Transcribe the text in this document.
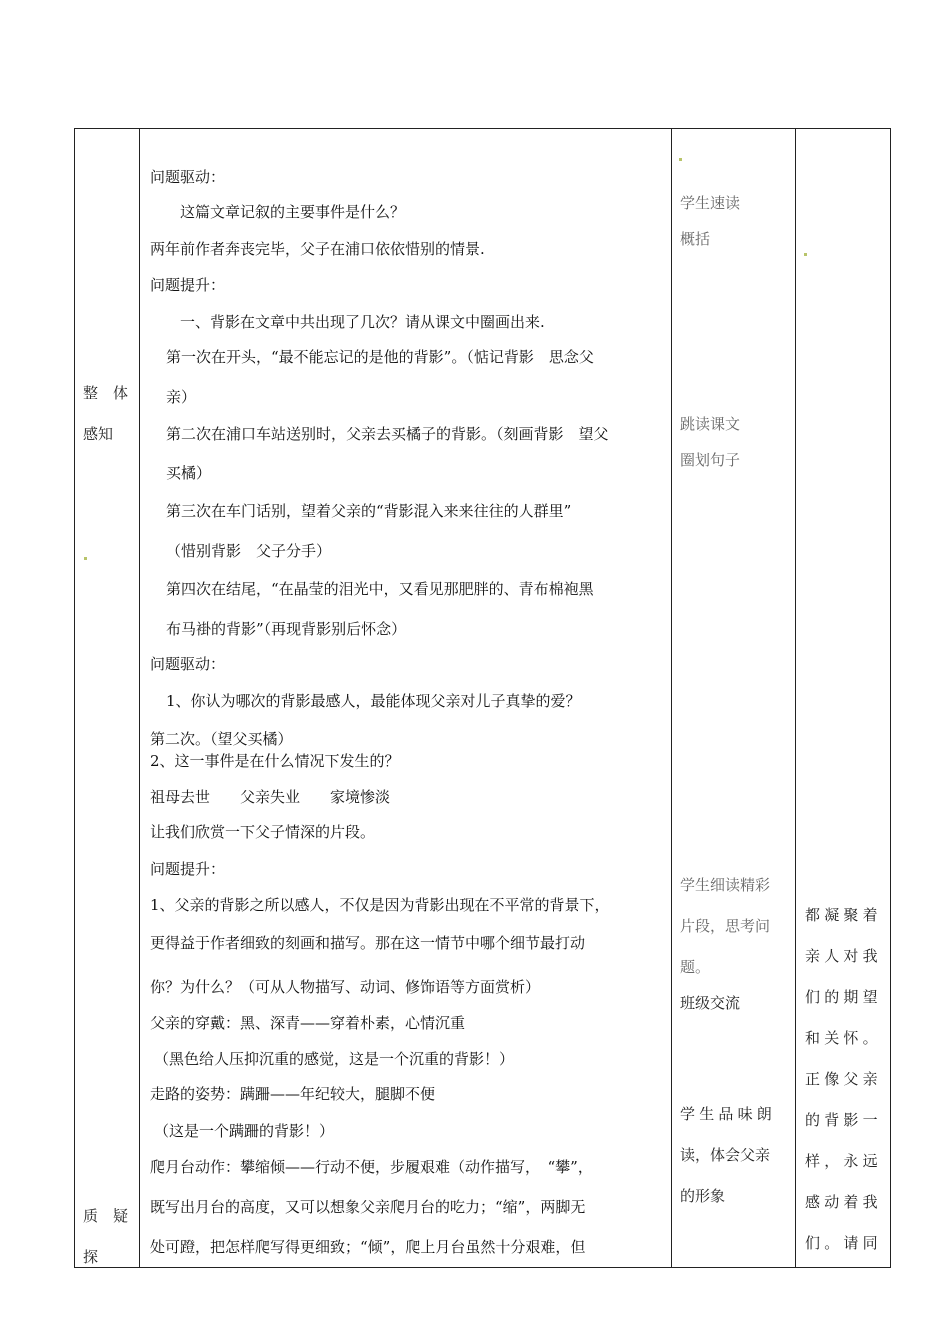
整　体
感知
质　疑
探
问题驱动：
这篇文章记叙的主要事件是什么？
两年前作者奔丧完毕，父子在浦口依依惜别的情景.
问题提升：
一、背影在文章中共出现了几次？请从课文中圈画出来.
第一次在开头，“最不能忘记的是他的背影”。（惦记背影　思念父
亲）
第二次在浦口车站送别时，父亲去买橘子的背影。（刻画背影　望父
买橘）
第三次在车门话别，望着父亲的“背影混入来来往往的人群里”
（惜别背影　父子分手）
第四次在结尾，“在晶莹的泪光中，又看见那肥胖的、青布棉袍黑
布马褂的背影”（再现背影别后怀念）
问题驱动：
1、你认为哪次的背影最感人，最能体现父亲对儿子真挚的爱？
第二次。（望父买橘）
2、这一事件是在什么情况下发生的？
祖母去世　　父亲失业　　家境惨淡
让我们欣赏一下父子情深的片段。
问题提升：
1、父亲的背影之所以感人，不仅是因为背影出现在不平常的背景下，
更得益于作者细致的刻画和描写。那在这一情节中哪个细节最打动
你？为什么？（可从人物描写、动词、修饰语等方面赏析）
父亲的穿戴：黑、深青——穿着朴素，心情沉重
（黑色给人压抑沉重的感觉，这是一个沉重的背影！）
走路的姿势：蹒跚——年纪较大，腿脚不便
（这是一个蹒跚的背影！）
爬月台动作：攀缩倾——行动不便，步履艰难（动作描写，　“攀”，
既写出月台的高度，又可以想象父亲爬月台的吃力；“缩”，两脚无
处可蹬，把怎样爬写得更细致；“倾”，爬上月台虽然十分艰难，但
学生速读
概括
跳读课文
圈划句子
学生细读精彩
片段，思考问
题。
班级交流
学生品味朗
读，体会父亲
的形象
都凝聚着
亲人对我
们的期望
和关怀。
正像父亲
的背影一
样，永远
感动着我
们。请同
